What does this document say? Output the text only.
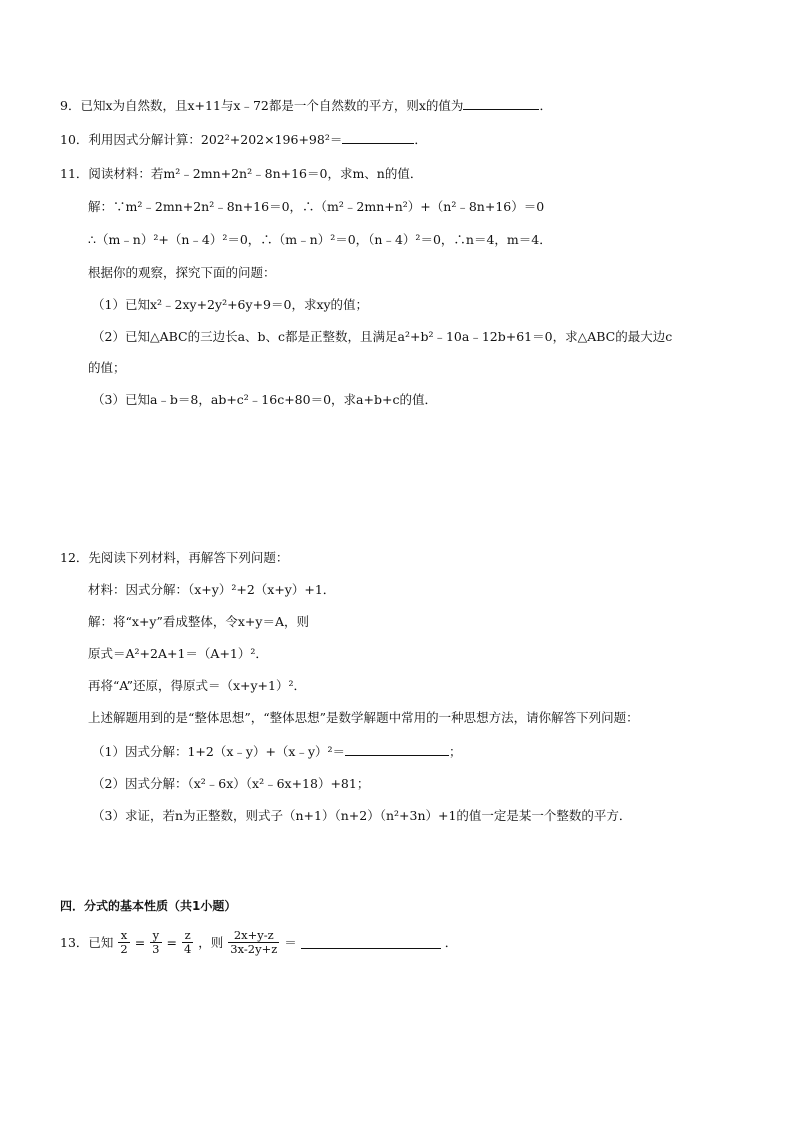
9．已知x为自然数，且x+11与x﹣72都是一个自然数的平方，则x的值为	．
10．利用因式分解计算：202²+202×196+98²＝	．
11．阅读材料：若m²﹣2mn+2n²﹣8n+16＝0，求m、n的值．
解：∵m²﹣2mn+2n²﹣8n+16＝0，∴（m²﹣2mn+n²）+（n²﹣8n+16）＝0
∴（m﹣n）²+（n﹣4）²＝0，∴（m﹣n）²＝0，（n﹣4）²＝0，∴n＝4，m＝4．
根据你的观察，探究下面的问题：
（1）已知x²﹣2xy+2y²+6y+9＝0，求xy的值；
（2）已知△ABC的三边长a、b、c都是正整数，且满足a²+b²﹣10a﹣12b+61＝0，求△ABC的最大边c
的值；
（3）已知a﹣b＝8，ab+c²﹣16c+80＝0，求a+b+c的值．
12．先阅读下列材料，再解答下列问题：
材料：因式分解：（x+y）²+2（x+y）+1．
解：将“x+y”看成整体，令x+y＝A，则
原式＝A²+2A+1＝（A+1）²．
再将“A”还原，得原式＝（x+y+1）²．
上述解题用到的是“整体思想”，“整体思想”是数学解题中常用的一种思想方法，请你解答下列问题：
（1）因式分解：1+2（x﹣y）+（x﹣y）²＝	；
（2）因式分解：（x²﹣6x）（x²﹣6x+18）+81；
（3）求证，若n为正整数，则式子（n+1）（n+2）（n²+3n）+1的值一定是某一个整数的平方．
四．分式的基本性质（共1小题）
13．已知 $\frac{x}{2} = \frac{y}{3} = \frac{z}{4}$ ，则 $\frac{2x+y-z}{3x-2y+z}$ ＝	．
